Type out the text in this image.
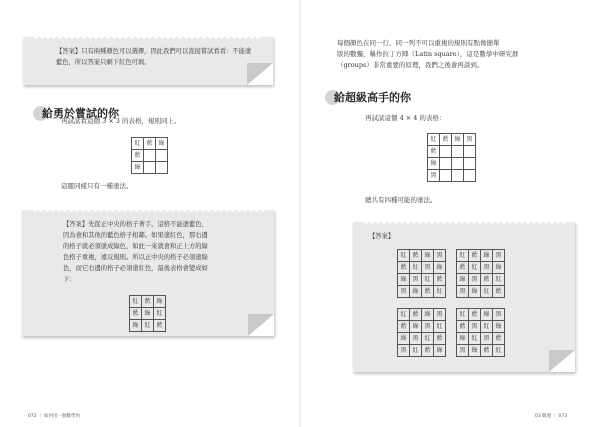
【答案】只有兩種顏色可以選擇，因此我們可以直接嘗試看看：不能塗藍色，所以答案只剩下紅色可填。
給勇於嘗試的你
再試試看這個 3 × 3 的表格，規則同上。
紅	藍	綠
藍		
綠		
這題同樣只有一種塗法。
【答案】先從正中央的格子著手。這格不能塗藍色，
因為會和其他的藍色格子相鄰。如果塗紅色，那右邊
的格子就必須塗成綠色，如此一來就會和正上方的綠
色格子重複，違反規則。所以正中央的格子必須塗綠
色，而它右邊的格子必須塗紅色，最後表格會變成如
下：
紅	藍	綠
藍	綠	紅
綠	紅	藍
072 ｜ 如何用一個數學內
每個顏色在同一行、同一列不可以重複的規則有點像簡單
版的數獨，稱作拉丁方陣（Latin square），這是數學中研究群
（groups）非常重要的原理，我們之後會再談到。
給超級高手的你
再試試這個 4 × 4 的表格：
紅	藍	綠	黑
藍			
綠			
黑			
總共有四種可能的塗法。
【答案】
紅	藍	綠	黑
藍	紅	黑	綠
綠	黑	紅	藍
黑	綠	藍	紅
紅	藍	綠	黑
藍	紅	黑	綠
綠	黑	藍	紅
黑	綠	紅	藍
紅	藍	綠	黑
藍	綠	黑	紅
綠	黑	紅	藍
黑	紅	藍	綠
紅	藍	綠	黑
藍	黑	紅	綠
綠	紅	黑	藍
黑	綠	藍	紅
03 數理 ｜ 073
